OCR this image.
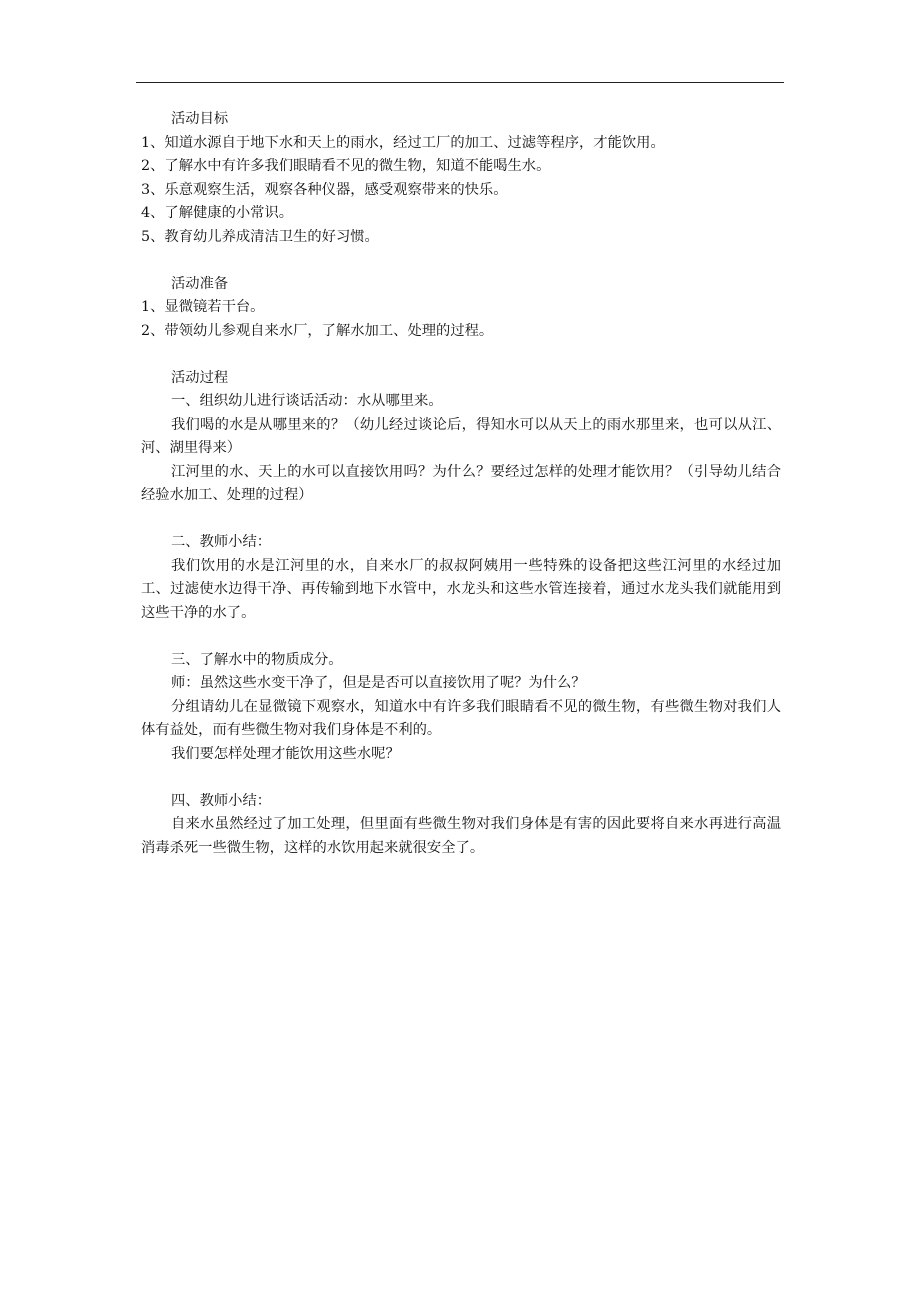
活动目标

1、知道水源自于地下水和天上的雨水，经过工厂的加工、过滤等程序，才能饮用。

2、了解水中有许多我们眼睛看不见的微生物，知道不能喝生水。

3、乐意观察生活，观察各种仪器，感受观察带来的快乐。

4、了解健康的小常识。

5、教育幼儿养成清洁卫生的好习惯。

活动准备

1、显微镜若干台。

2、带领幼儿参观自来水厂，了解水加工、处理的过程。

活动过程

一、组织幼儿进行谈话活动：水从哪里来。

我们喝的水是从哪里来的？（幼儿经过谈论后，得知水可以从天上的雨水那里来，也可以从江、河、湖里得来）

江河里的水、天上的水可以直接饮用吗？为什么？要经过怎样的处理才能饮用？（引导幼儿结合经验水加工、处理的过程）

二、教师小结：

我们饮用的水是江河里的水，自来水厂的叔叔阿姨用一些特殊的设备把这些江河里的水经过加工、过滤使水边得干净、再传输到地下水管中，水龙头和这些水管连接着，通过水龙头我们就能用到这些干净的水了。

三、了解水中的物质成分。

师：虽然这些水变干净了，但是是否可以直接饮用了呢？为什么？

分组请幼儿在显微镜下观察水，知道水中有许多我们眼睛看不见的微生物，有些微生物对我们人体有益处，而有些微生物对我们身体是不利的。

我们要怎样处理才能饮用这些水呢？

四、教师小结：

自来水虽然经过了加工处理，但里面有些微生物对我们身体是有害的因此要将自来水再进行高温消毒杀死一些微生物，这样的水饮用起来就很安全了。
